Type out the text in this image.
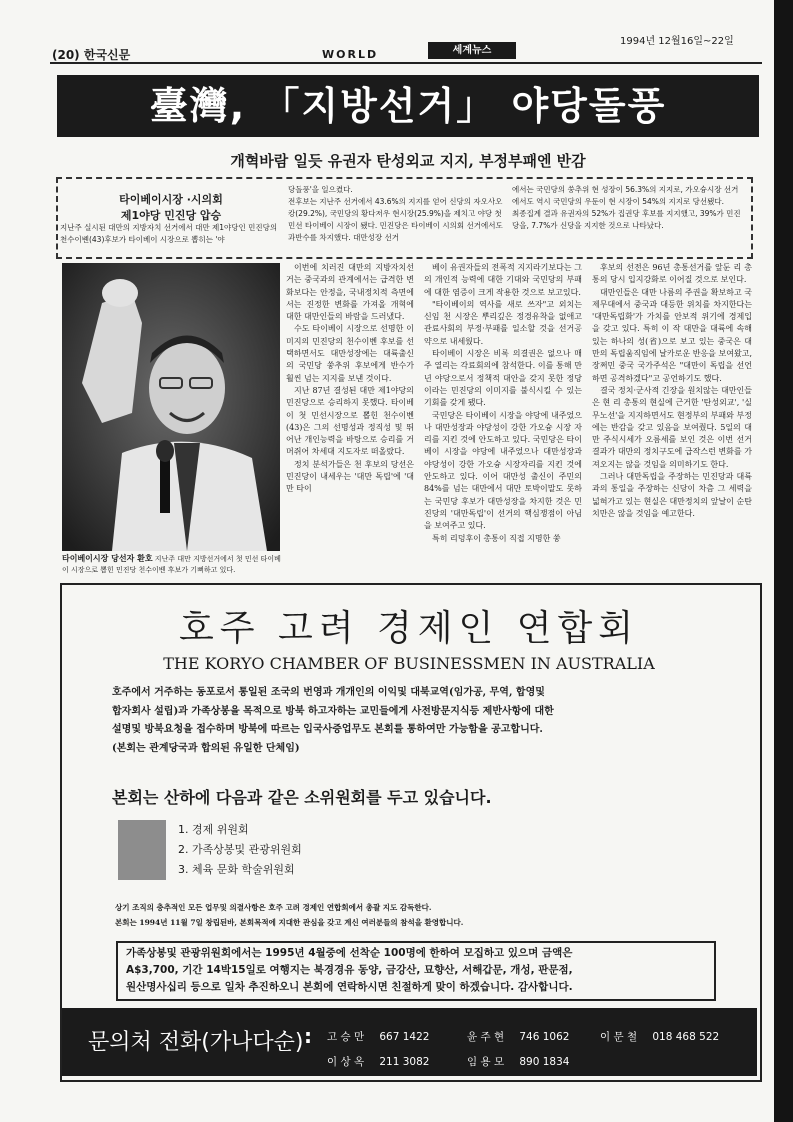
(20) 한국신문
1994년 12월16일~22일
WORLD	세계뉴스
臺灣, 「지방선거」 야당돌풍
개혁바람 일듯 유권자 탄성외교 지지, 부정부패엔 반감
타이베이시장 ·시의회
제1야당 민진당 압승
지난주 실시된 대만의 지방자치 선거에서 대만 제1야당인 민진당의 천수이볜(43)후보가 타이베이 시장으로 뽑히는 '야
당돌풍'을 일으켰다.
전후보는 지난주 선거에서 43.6%의 지지를 얻어 신당의 자오사오캉(29.2%), 국민당의 황다저우 현시장(25.9%)을 제치고 야당 첫 민선 타이베이 시장이 됐다. 민진당은 타이베이 시의회 선거에서도 과반수를 차지했다. 대만성장 선거
에서는 국민당의 쑹추위 현 성장이 56.3%의 지지로, 가오슝시장 선거에서도 역시 국민당의 우둔이 현 시장이 54%의 지지로 당선됐다.
최종집계 결과 유권자의 52%가 집권당 후보를 지지했고, 39%가 민진당을, 7.7%가 신당을 지지한 것으로 나타났다.
타이베이시장 당선자 환호 지난주 대만 지방선거에서 첫 민선 타이베이 시장으로 뽑힌 민진당 천수이볜 후보가 기뻐하고 있다.

이번에 치러진 대만의 지방자치선거는 중국과의 관계에서는 급격한 변화보다는 안정을, 국내정치적 측면에서는 진정한 변화를 가져올 개혁에 대한 대만인들의 바람을 드러냈다.

수도 타이베이 시장으로 선명한 이미지의 민진당의 천수이볜 후보를 선택하면서도 대만성장에는 대륙출신의 국민당 쑹추위 후보에게 반수가 훨씬 넘는 지지를 보낸 것이다.

지난 87년 결성된 대만 제1야당의 민진당으로 승리하지 못했다. 타이베이 첫 민선시장으로 뽑힌 천수이볜(43)은 그의 선명성과 정직성 및 뛰어난 개인능력을 바탕으로 승리를 거머쥐어 차세대 지도자로 떠올랐다.

정치 분석가들은 천 후보의 당선은 민진당이 내세우는 '대만 독립'에 '대만 타이

베이 유권자들의 전폭적 지지라기보다는 그의 개인적 능력에 대한 기대와 국민당의 부패에 대한 염증이 크게 작용한 것으로 보고있다.

"타이베이의 역사를 새로 쓰자"고 외치는 신임 천 시장은 뿌리깊은 정경유착을 없애고 관료사회의 부정·부패를 일소할 것을 선거공약으로 내세웠다.

타이베이 시장은 비록 의결권은 없으나 매주 열리는 각료회의에 참석한다. 이를 통해 만년 야당으로서 정책적 대안을 갖지 못한 정당이라는 민진당의 이미지를 불식시킬 수 있는 기회를 갖게 됐다.

국민당은 타이베이 시장을 야당에 내주었으나 대만성장과 야당성이 강한 가오슝 시장 자리를 지킨 것에 안도하고 있다. 국민당은 타이베이 시장을 야당에 내주었으나 대만성장과 야당성이 강한 가오슝 시장자리를 지킨 것에 안도하고 있다. 이어 대만성 출신이 주민의 84%를 넘는 대만에서 대만 토박이말도 못하는 국민당 후보가 대만성장을 차지한 것은 민진당의 '대만독립'이 선거의 핵심쟁점이 아님을 보여주고 있다.

특히 리덩후이 총통이 직접 지명한 쑹

후보의 선전은 96년 총통선거를 앞둔 리 총통의 당시 입지강화로 이어질 것으로 보인다.

대만인들은 대만 나름의 주권을 확보하고 국제무대에서 중국과 대등한 위치를 차지한다는 '대만독립화'가 가치를 안보적 위기에 경제입을 갖고 있다. 특히 이 작 대만을 대륙에 속해있는 하나의 성(省)으로 보고 있는 중국은 대만의 독립움직임에 날카로운 반응을 보여왔고, 장쩌민 중국 국가주석은 "대만이 독립을 선언하면 공격하겠다"고 공언하기도 했다.

결국 정치·군사적 긴장을 원치않는 대만인들은 현 리 총통의 현실에 근거한 '탄성외교', '실무노선'을 지지하면서도 현정부의 부패와 부정에는 반감을 갖고 있음을 보여줬다. 5일의 대만 주식시세가 오름세를 보인 것은 이번 선거결과가 대만의 정치구도에 급작스런 변화를 가져오지는 않을 것임을 의미하기도 한다.

그러나 대만독립을 주장하는 민진당과 대륙과의 통일을 주장하는 신당이 차츰 그 세력을 넓혀가고 있는 현실은 대만정치의 앞날이 순탄치만은 않을 것임을 예고한다.

호주 고려 경제인 연합회
THE KORYO CHAMBER OF BUSINESSMEN IN AUSTRALIA
호주에서 거주하는 동포로서 통일된 조국의 번영과 개개인의 이익및 대북교역(임가공, 무역, 합영및
합자회사 설립)과 가족상봉을 목적으로 방북 하고자하는 교민들에게 사전방문지식등 제반사항에 대한
설명및 방북요청을 접수하며 방북에 따르는 입국사증업무도 본회를 통하여만 가능함을 공고합니다.
(본회는 관계당국과 합의된 유일한 단체임)
본회는 산하에 다음과 같은 소위원회를 두고 있습니다.
1. 경제 위원회
2. 가족상봉및 관광위원회
3. 체육 문화 학술위원회
상기 조직의 충추적인 모든 업무및 의결사항은 호주 고려 경제인 연합회에서 총괄 지도 감독한다.
본회는 1994년 11월 7일 창립된바, 본회목적에 지대한 관심을 갖고 계신 여러분들의 참석을 환영합니다.
가족상봉및 관광위원회에서는 1995년 4월중에 선착순 100명에 한하여 모집하고 있으며 금액은
A$3,700, 기간 14박15일로 여행지는 북경경유 동양, 금강산, 묘향산, 서해갑문, 개성, 판문점,
원산명사십리 등으로 일차 추진하오니 본회에 연락하시면 친절하게 맞이 하겠습니다. 감사합니다.
문의처 전화(가나다순) : 고 승 만 667 1422	윤 주 현 746 1062	이 문 철 018 468 522
이 상 옥 211 3082	임 용 모 890 1834
